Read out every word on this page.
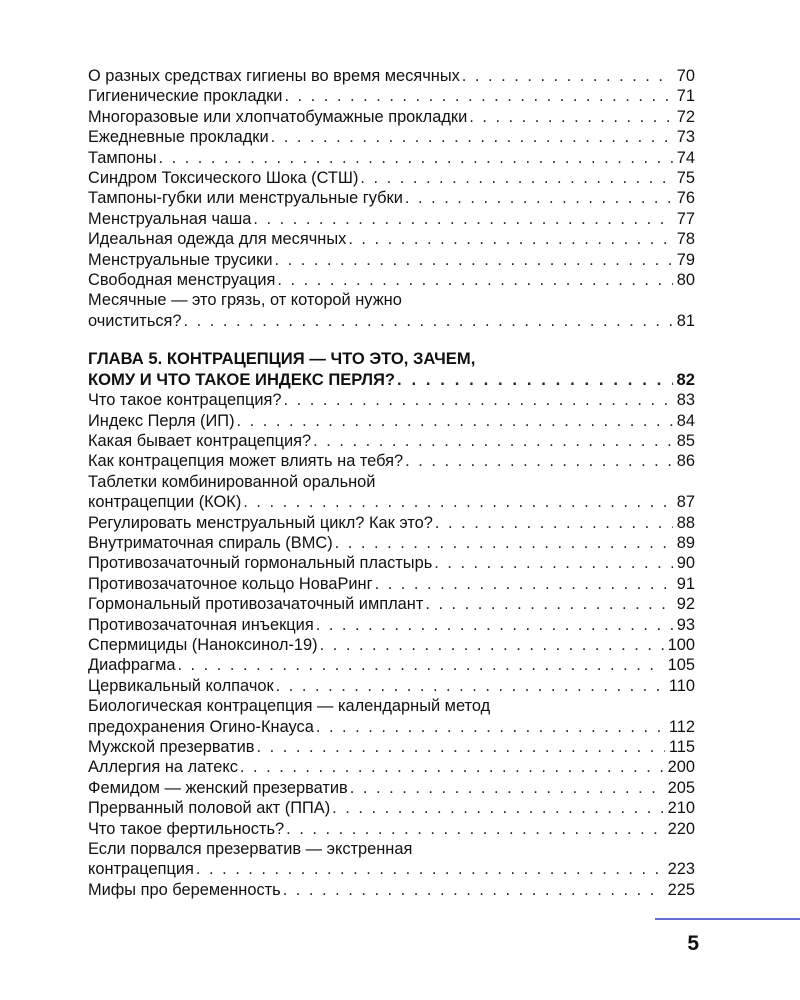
О разных средствах гигиены во время месячных . . .	70
Гигиенические прокладки . . .	71
Многоразовые или хлопчатобумажные прокладки . . .	72
Ежедневные прокладки . . .	73
Тампоны . . .	74
Синдром Токсического Шока (СТШ) . . .	75
Тампоны-губки или менструальные губки . . .	76
Менструальная чаша . . .	77
Идеальная одежда для месячных . . .	78
Менструальные трусики . . .	79
Свободная менструация . . .	80
Месячные — это грязь, от которой нужно
очиститься? . . .	81
ГЛАВА 5. КОНТРАЦЕПЦИЯ — ЧТО ЭТО, ЗАЧЕМ,
КОМУ И ЧТО ТАКОЕ ИНДЕКС ПЕРЛЯ? . . .	82
Что такое контрацепция? . . .	83
Индекс Перля (ИП) . . .	84
Какая бывает контрацепция? . . .	85
Как контрацепция может влиять на тебя? . . .	86
Таблетки комбинированной оральной
контрацепции (КОК) . . .	87
Регулировать менструальный цикл? Как это? . . .	88
Внутриматочная спираль (ВМС) . . .	89
Противозачаточный гормональный пластырь . . .	90
Противозачаточное кольцо НоваРинг . . .	91
Гормональный противозачаточный имплант . . .	92
Противозачаточная инъекция . . .	93
Спермициды (Наноксинол-19) . . .	100
Диафрагма . . .	105
Цервикальный колпачок . . .	110
Биологическая контрацепция — календарный метод
предохранения Огино-Кнауса . . .	112
Мужской презерватив . . .	115
Аллергия на латекс . . .	200
Фемидом — женский презерватив . . .	205
Прерванный половой акт (ППА) . . .	210
Что такое фертильность? . . .	220
Если порвался презерватив — экстренная
контрацепция . . .	223
Мифы про беременность . . .	225
5
